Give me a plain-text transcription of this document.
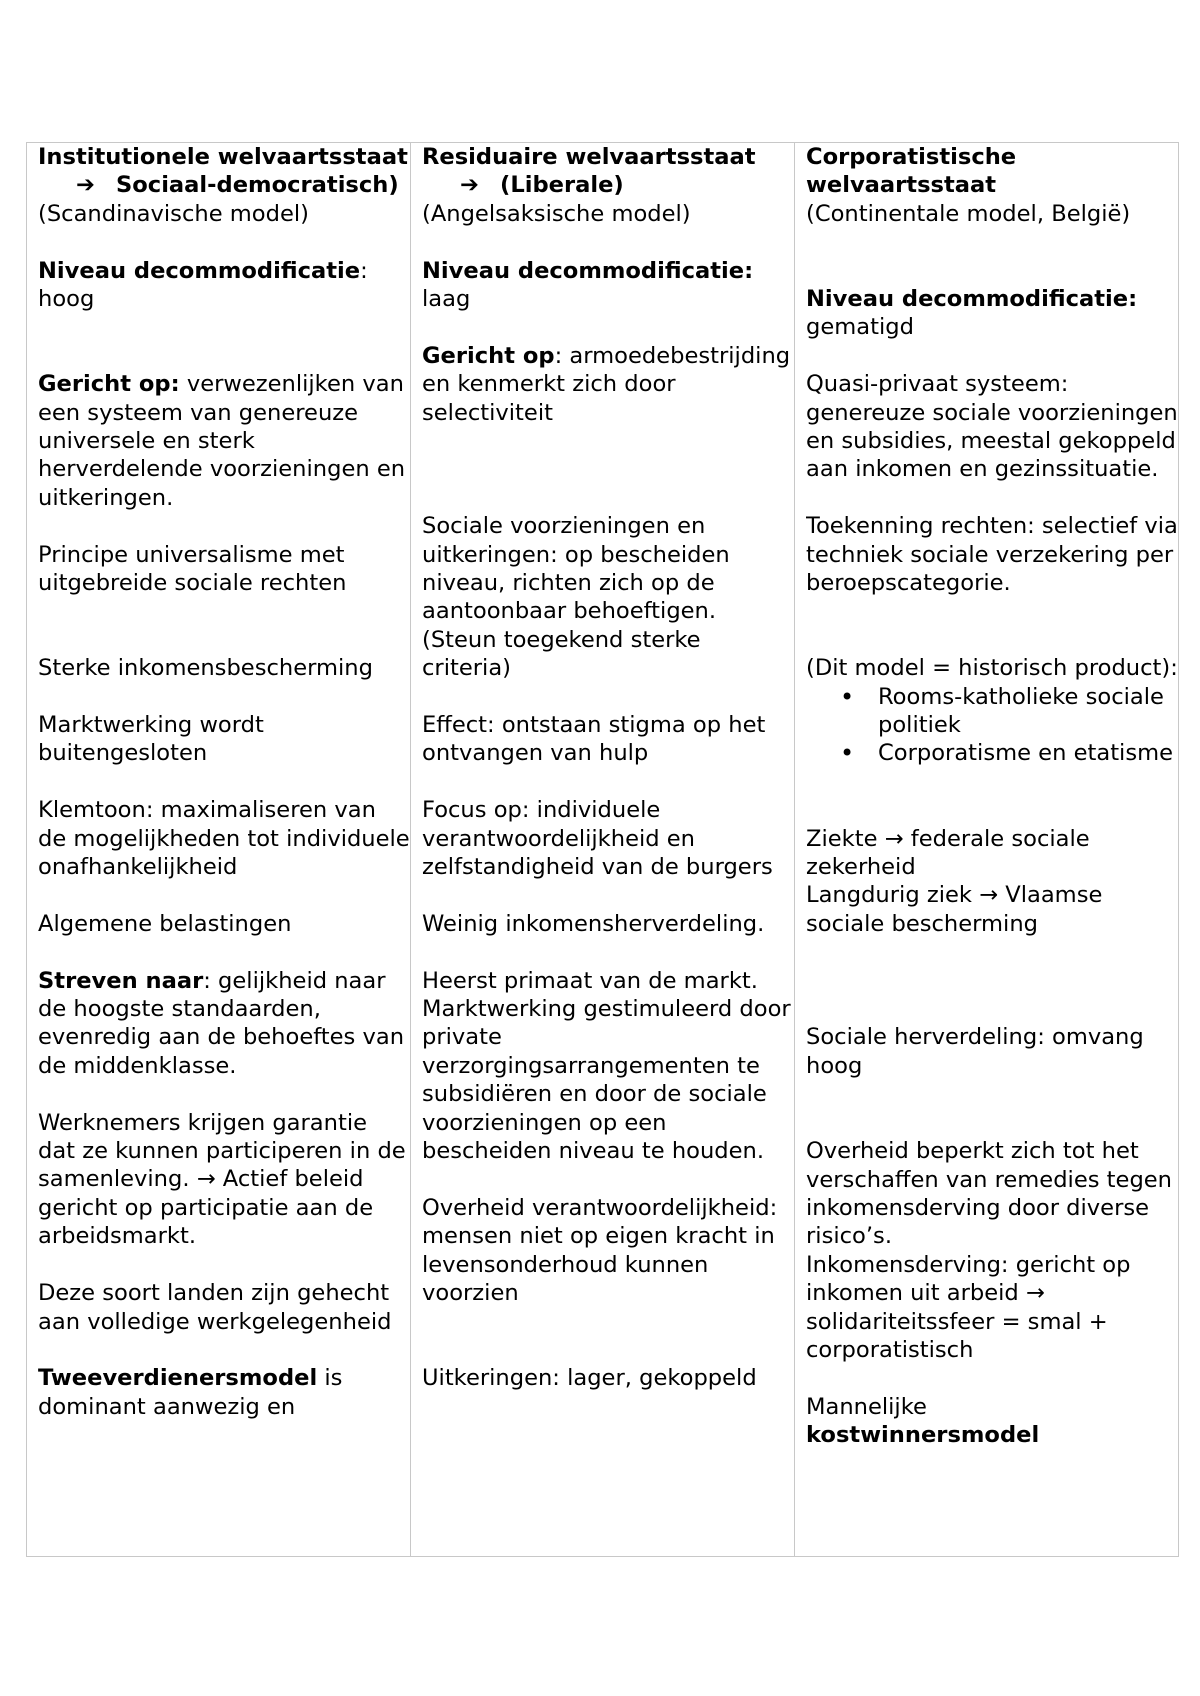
Institutionele welvaartsstaat
➔ Sociaal-democratisch)
(Scandinavische model)
Niveau decommodificatie: hoog
Gericht op: verwezenlijken van een systeem van genereuze universele en sterk herverdelende voorzieningen en uitkeringen.
Principe universalisme met uitgebreide sociale rechten
Sterke inkomensbescherming
Marktwerking wordt buitengesloten
Klemtoon: maximaliseren van de mogelijkheden tot individuele onafhankelijkheid
Algemene belastingen
Streven naar: gelijkheid naar de hoogste standaarden, evenredig aan de behoeftes van de middenklasse.
Werknemers krijgen garantie dat ze kunnen participeren in de samenleving. → Actief beleid gericht op participatie aan de arbeidsmarkt.
Deze soort landen zijn gehecht aan volledige werkgelegenheid
Tweeverdienersmodel is dominant aanwezig en

Residuaire welvaartsstaat
➔ (Liberale)
(Angelsaksische model)
Niveau decommodificatie:
laag
Gericht op: armoedebestrijding en kenmerkt zich door selectiviteit
Sociale voorzieningen en uitkeringen: op bescheiden niveau, richten zich op de aantoonbaar behoeftigen. (Steun toegekend sterke criteria)
Effect: ontstaan stigma op het ontvangen van hulp
Focus op: individuele verantwoordelijkheid en zelfstandigheid van de burgers
Weinig inkomensherverdeling.
Heerst primaat van de markt. Marktwerking gestimuleerd door private verzorgingsarrangementen te subsidiëren en door de sociale voorzieningen op een bescheiden niveau te houden.
Overheid verantwoordelijkheid: mensen niet op eigen kracht in levensonderhoud kunnen voorzien
Uitkeringen: lager, gekoppeld

Corporatistische welvaartsstaat
(Continentale model, België)
Niveau decommodificatie:
gematigd
Quasi-privaat systeem: genereuze sociale voorzieningen en subsidies, meestal gekoppeld aan inkomen en gezinssituatie.
Toekenning rechten: selectief via techniek sociale verzekering per beroepscategorie.
(Dit model = historisch product):
• Rooms-katholieke sociale politiek
• Corporatisme en etatisme
Ziekte → federale sociale zekerheid
Langdurig ziek → Vlaamse sociale bescherming
Sociale herverdeling: omvang hoog
Overheid beperkt zich tot het verschaffen van remedies tegen inkomensderving door diverse risico’s.
Inkomensderving: gericht op inkomen uit arbeid → solidariteitssfeer = smal + corporatistisch
Mannelijke
kostwinnersmodel
